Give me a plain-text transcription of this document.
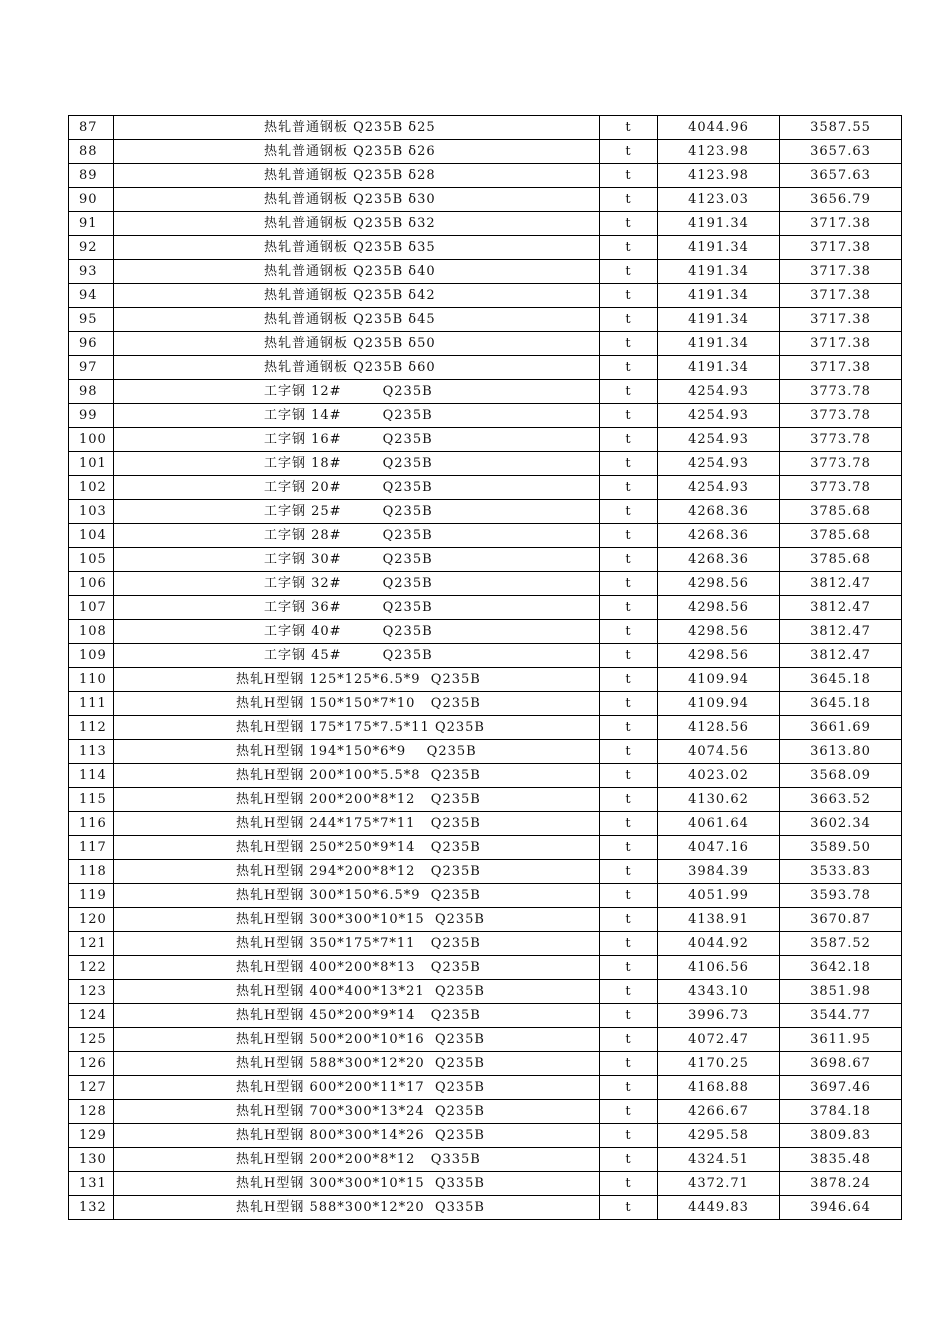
87	热轧普通钢板 Q235B δ25	t	4044.96	3587.55
88	热轧普通钢板 Q235B δ26	t	4123.98	3657.63
89	热轧普通钢板 Q235B δ28	t	4123.98	3657.63
90	热轧普通钢板 Q235B δ30	t	4123.03	3656.79
91	热轧普通钢板 Q235B δ32	t	4191.34	3717.38
92	热轧普通钢板 Q235B δ35	t	4191.34	3717.38
93	热轧普通钢板 Q235B δ40	t	4191.34	3717.38
94	热轧普通钢板 Q235B δ42	t	4191.34	3717.38
95	热轧普通钢板 Q235B δ45	t	4191.34	3717.38
96	热轧普通钢板 Q235B δ50	t	4191.34	3717.38
97	热轧普通钢板 Q235B δ60	t	4191.34	3717.38
98	工字钢 12#        Q235B	t	4254.93	3773.78
99	工字钢 14#        Q235B	t	4254.93	3773.78
100	工字钢 16#        Q235B	t	4254.93	3773.78
101	工字钢 18#        Q235B	t	4254.93	3773.78
102	工字钢 20#        Q235B	t	4254.93	3773.78
103	工字钢 25#        Q235B	t	4268.36	3785.68
104	工字钢 28#        Q235B	t	4268.36	3785.68
105	工字钢 30#        Q235B	t	4268.36	3785.68
106	工字钢 32#        Q235B	t	4298.56	3812.47
107	工字钢 36#        Q235B	t	4298.56	3812.47
108	工字钢 40#        Q235B	t	4298.56	3812.47
109	工字钢 45#        Q235B	t	4298.56	3812.47
110	热轧H型钢 125*125*6.5*9  Q235B	t	4109.94	3645.18
111	热轧H型钢 150*150*7*10   Q235B	t	4109.94	3645.18
112	热轧H型钢 175*175*7.5*11 Q235B	t	4128.56	3661.69
113	热轧H型钢 194*150*6*9    Q235B	t	4074.56	3613.80
114	热轧H型钢 200*100*5.5*8  Q235B	t	4023.02	3568.09
115	热轧H型钢 200*200*8*12   Q235B	t	4130.62	3663.52
116	热轧H型钢 244*175*7*11   Q235B	t	4061.64	3602.34
117	热轧H型钢 250*250*9*14   Q235B	t	4047.16	3589.50
118	热轧H型钢 294*200*8*12   Q235B	t	3984.39	3533.83
119	热轧H型钢 300*150*6.5*9  Q235B	t	4051.99	3593.78
120	热轧H型钢 300*300*10*15  Q235B	t	4138.91	3670.87
121	热轧H型钢 350*175*7*11   Q235B	t	4044.92	3587.52
122	热轧H型钢 400*200*8*13   Q235B	t	4106.56	3642.18
123	热轧H型钢 400*400*13*21  Q235B	t	4343.10	3851.98
124	热轧H型钢 450*200*9*14   Q235B	t	3996.73	3544.77
125	热轧H型钢 500*200*10*16  Q235B	t	4072.47	3611.95
126	热轧H型钢 588*300*12*20  Q235B	t	4170.25	3698.67
127	热轧H型钢 600*200*11*17  Q235B	t	4168.88	3697.46
128	热轧H型钢 700*300*13*24  Q235B	t	4266.67	3784.18
129	热轧H型钢 800*300*14*26  Q235B	t	4295.58	3809.83
130	热轧H型钢 200*200*8*12   Q335B	t	4324.51	3835.48
131	热轧H型钢 300*300*10*15  Q335B	t	4372.71	3878.24
132	热轧H型钢 588*300*12*20  Q335B	t	4449.83	3946.64
